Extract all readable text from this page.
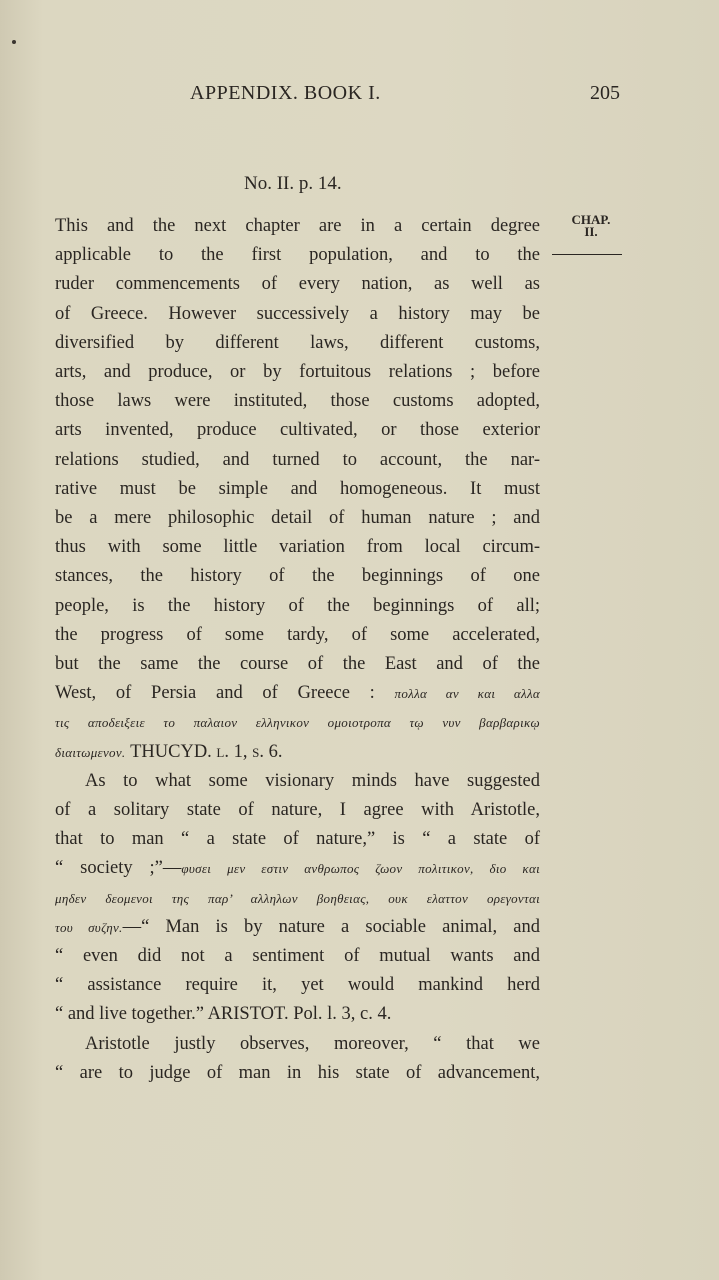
APPENDIX. BOOK I.	205
No. II. p. 14.
CHAP.
II.
This and the next chapter are in a certain degree
applicable to the first population, and to the
ruder commencements of every nation, as well as
of Greece. However successively a history may be
diversified by different laws, different customs,
arts, and produce, or by fortuitous relations ; before
those laws were instituted, those customs adopted,
arts invented, produce cultivated, or those exterior
relations studied, and turned to account, the nar-
rative must be simple and homogeneous. It must
be a mere philosophic detail of human nature ; and
thus with some little variation from local circum-
stances, the history of the beginnings of one
people, is the history of the beginnings of all;
the progress of some tardy, of some accelerated,
but the same the course of the East and of the
West, of Persia and of Greece : πολλα αν και αλλα
τις αποδειξειε το παλαιον ελληνικον ομοιοτροπα τῳ νυν βαρβαρικῳ
διαιτωμενον. THUCYD. l. 1, s. 6.
As to what some visionary minds have suggested
of a solitary state of nature, I agree with Aristotle,
that to man “ a state of nature,” is “ a state of
“ society ;”—φυσει μεν εστιν ανθρωπος ζωον πολιτικον, διο και
μηδεν δεομενοι της παρ’ αλληλων βοηθειας, ουκ ελαττον ορεγονται
του συζην.—“ Man is by nature a sociable animal, and
“ even did not a sentiment of mutual wants and
“ assistance require it, yet would mankind herd
“ and live together.” ARISTOT. Pol. l. 3, c. 4.
Aristotle justly observes, moreover, “ that we
“ are to judge of man in his state of advancement,
